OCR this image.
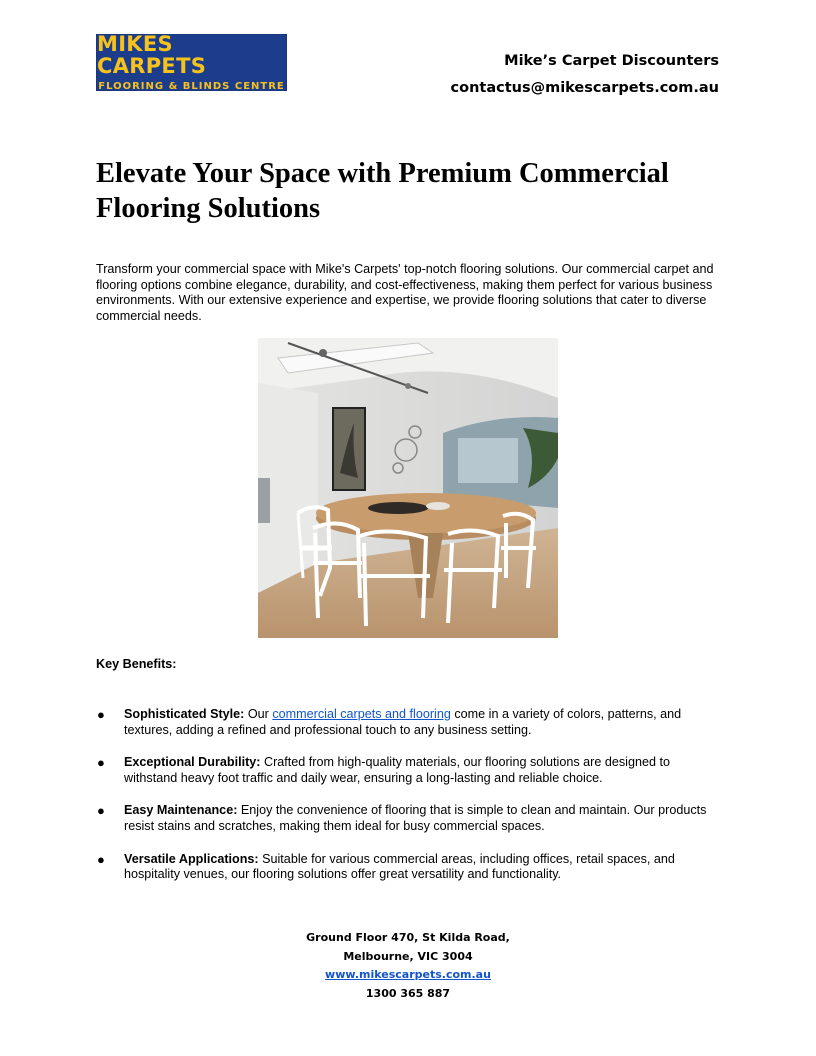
MIKES CARPETS
FLOORING & BLINDS CENTRE
Mike’s Carpet Discounters
contactus@mikescarpets.com.au
Elevate Your Space with Premium Commercial Flooring Solutions

Transform your commercial space with Mike's Carpets' top-notch flooring solutions. Our commercial carpet and flooring options combine elegance, durability, and cost-effectiveness, making them perfect for various business environments. With our extensive experience and expertise, we provide flooring solutions that cater to diverse commercial needs.

Key Benefits:
● Sophisticated Style: Our commercial carpets and flooring come in a variety of colors, patterns, and textures, adding a refined and professional touch to any business setting.
● Exceptional Durability: Crafted from high-quality materials, our flooring solutions are designed to withstand heavy foot traffic and daily wear, ensuring a long-lasting and reliable choice.
● Easy Maintenance: Enjoy the convenience of flooring that is simple to clean and maintain. Our products resist stains and scratches, making them ideal for busy commercial spaces.
● Versatile Applications: Suitable for various commercial areas, including offices, retail spaces, and hospitality venues, our flooring solutions offer great versatility and functionality.
Ground Floor 470, St Kilda Road,
Melbourne, VIC 3004
www.mikescarpets.com.au
1300 365 887
